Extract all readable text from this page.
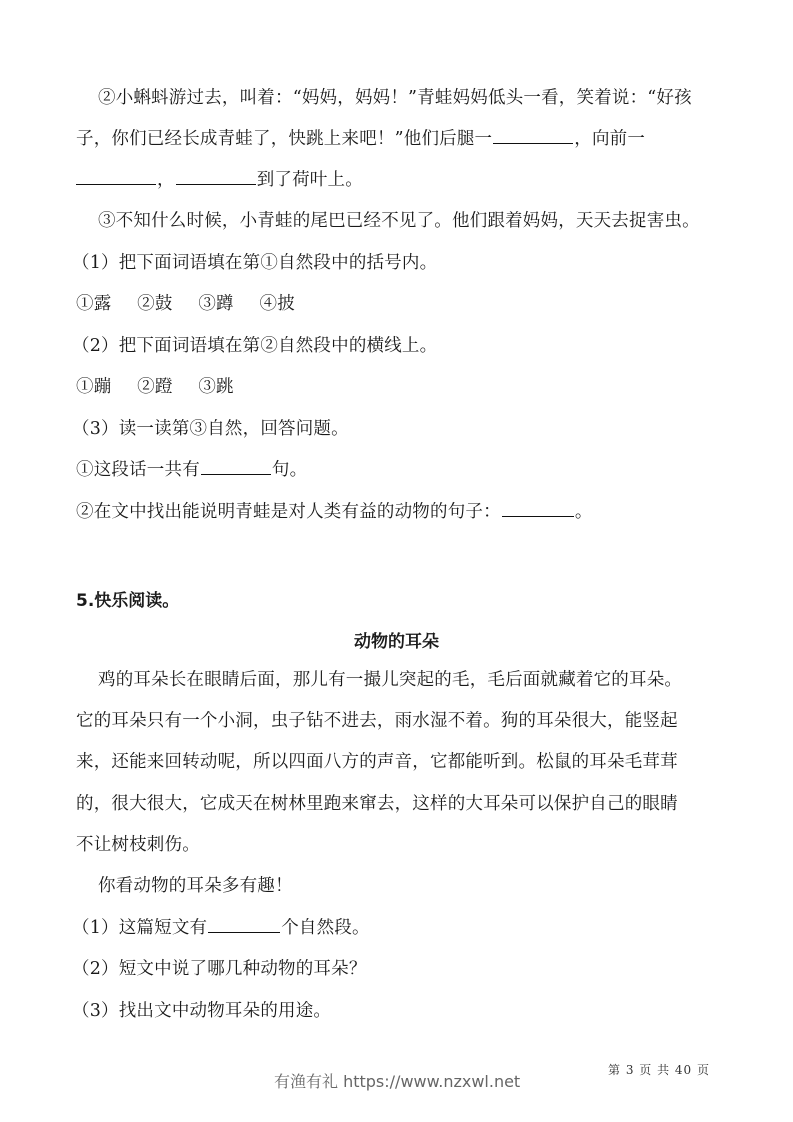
②小蝌蚪游过去，叫着：“妈妈，妈妈！”青蛙妈妈低头一看，笑着说：“好孩
子，你们已经长成青蛙了，快跳上来吧！”他们后腿一	，向前一
，	到了荷叶上。
③不知什么时候，小青蛙的尾巴已经不见了。他们跟着妈妈，天天去捉害虫。
（1）把下面词语填在第①自然段中的括号内。
①露 ②鼓 ③蹲 ④披
（2）把下面词语填在第②自然段中的横线上。
①蹦 ②蹬 ③跳
（3）读一读第③自然，回答问题。
①这段话一共有	句。
②在文中找出能说明青蛙是对人类有益的动物的句子：	。
5.快乐阅读。
动物的耳朵
鸡的耳朵长在眼睛后面，那儿有一撮儿突起的毛，毛后面就藏着它的耳朵。
它的耳朵只有一个小洞，虫子钻不进去，雨水湿不着。狗的耳朵很大，能竖起
来，还能来回转动呢，所以四面八方的声音，它都能听到。松鼠的耳朵毛茸茸
的，很大很大，它成天在树林里跑来窜去，这样的大耳朵可以保护自己的眼睛
不让树枝刺伤。
你看动物的耳朵多有趣！
（1）这篇短文有	个自然段。
（2）短文中说了哪几种动物的耳朵？
（3）找出文中动物耳朵的用途。
第 3 页 共 40 页
有渔有礼 https://www.nzxwl.net
